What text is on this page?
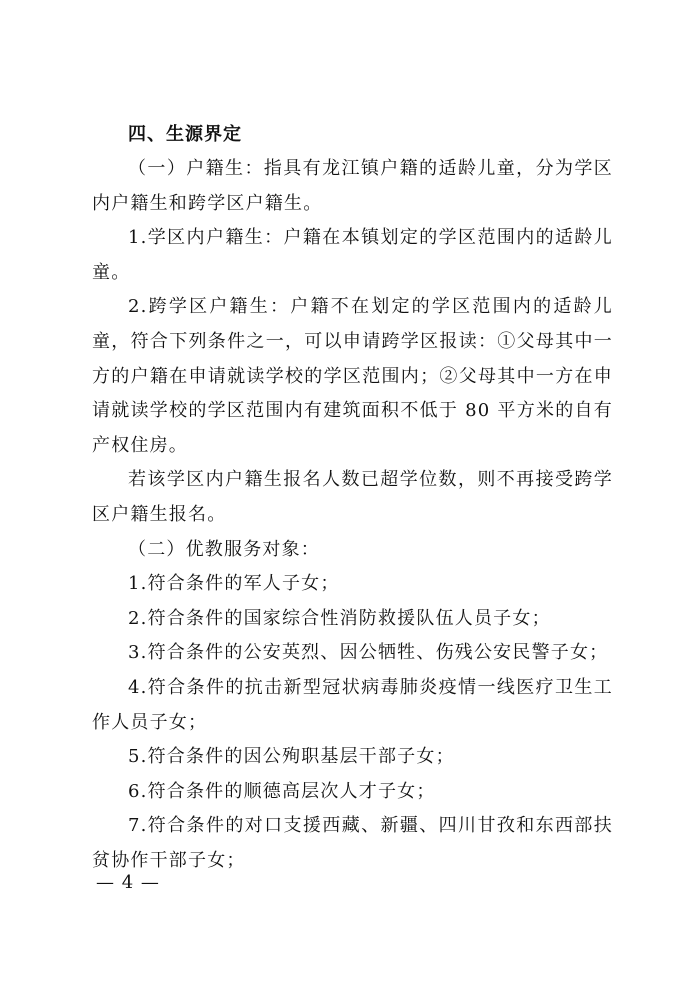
四、生源界定

（一）户籍生：指具有龙江镇户籍的适龄儿童，分为学区内户籍生和跨学区户籍生。

1.学区内户籍生：户籍在本镇划定的学区范围内的适龄儿童。

2.跨学区户籍生：户籍不在划定的学区范围内的适龄儿童，符合下列条件之一，可以申请跨学区报读：①父母其中一方的户籍在申请就读学校的学区范围内；②父母其中一方在申请就读学校的学区范围内有建筑面积不低于 80 平方米的自有产权住房。

若该学区内户籍生报名人数已超学位数，则不再接受跨学区户籍生报名。

（二）优教服务对象：

1.符合条件的军人子女；

2.符合条件的国家综合性消防救援队伍人员子女；

3.符合条件的公安英烈、因公牺牲、伤残公安民警子女；

4.符合条件的抗击新型冠状病毒肺炎疫情一线医疗卫生工作人员子女；

5.符合条件的因公殉职基层干部子女；

6.符合条件的顺德高层次人才子女；

7.符合条件的对口支援西藏、新疆、四川甘孜和东西部扶贫协作干部子女；

— 4 —
